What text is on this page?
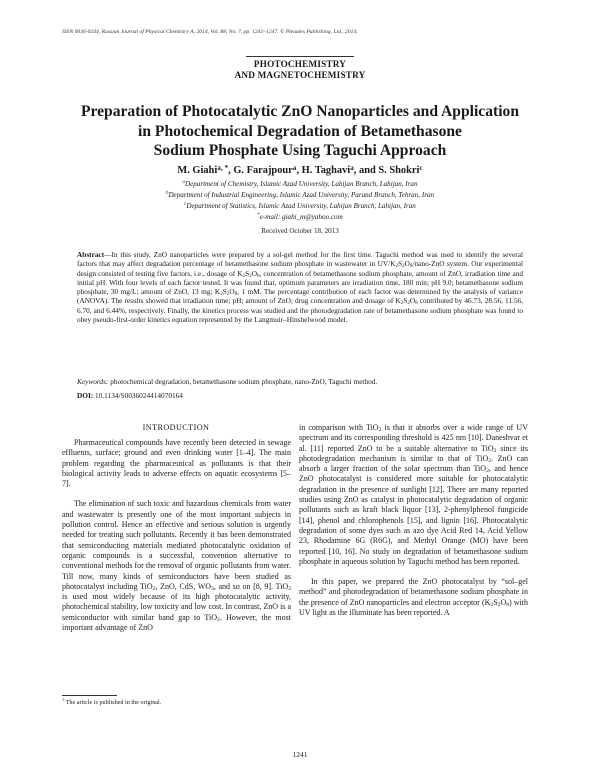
ISSN 0036-0244, Russian Journal of Physical Chemistry A, 2014, Vol. 88, No. 7, pp. 1241–1247. © Pleiades Publishing, Ltd., 2014.
PHOTOCHEMISTRY
AND MAGNETOCHEMISTRY
Preparation of Photocatalytic ZnO Nanoparticles and Application
in Photochemical Degradation of Betamethasone
Sodium Phosphate Using Taguchi Approach
M. Giahi$^{a, *}$, G. Farajpour$^a$, H. Taghavi$^a$, and S. Shokri$^c$
$^a$Department of Chemistry, Islamic Azad University, Lahijan Branch, Lahijan, Iran
$^b$Department of Industrial Engineering, Islamic Azad University, Parand Branch, Tehran, Iran
$^c$Department of Statistics, Islamic Azad University, Lahijan Branch, Lahijan, Iran
*e-mail: giahi_m@yahoo.com
Received October 18, 2013
Abstract—In this study, ZnO nanoparticles were prepared by a sol-gel method for the first time. Taguchi method was used to identify the several factors that may affect degradation percentage of betamethasone sodium phosphate in wastewater in $UV/K_2S_2O_8/nano$-ZnO system. Our experimental design consisted of testing five factors, i.e., dosage of $K_2S_2O_8$, concentration of betamethasone sodium phosphate, amount of ZnO, irradiation time and initial pH. With four levels of each factor tested. It was found that, optimum parameters are irradiation time, 180 min; pH 9.0; betamethasone sodium phosphate, 30 mg/L; amount of ZnO, 13 mg; $K_2S_2O_8$, 1 mM. The percentage contribution of each factor was determined by the analysis of variance (ANOVA). The results showed that irradiation time; pH; amount of ZnO; drug concentration and dosage of $K_2S_2O_8$ contributed by 46.73, 28.56, 11.56, 6.70, and 6.44%, respectively. Finally, the kinetics process was studied and the photodegradation rate of betamethasone sodium phosphate was found to obey pseudo-first-order kinetics equation represented by the Langmuir–Hinshelwood model.
Keywords: photochemical degradation, betamethasone sodium phosphate, nano-ZnO, Taguchi method.
DOI: 10.1134/S0036024414070164
INTRODUCTION

Pharmaceutical compounds have recently been detected in sewage effluents, surface; ground and even drinking water [1–4]. The main problem regarding the pharmaceutical as pollutants is that their biological activity leads to adverse effects on aquatic ecosystems [5–7].

The elimination of such toxic and hazardous chemicals from water and wastewater is presently one of the most important subjects in pollution control. Hence an effective and serious solution is urgently needed for treating such pollutants. Recently it has been demonstrated that semiconducting materials mediated photocatalytic oxidation of organic compounds is a successful, convention alternative to conventional methods for the removal of organic pollutants from water. Till now, many kinds of semiconductors have been studied as photocatalyst including TiO$_2$, ZnO, CdS, $WO_3$, and so on [8, 9]. TiO$_2$ is used most widely because of its high photocatalytic activity, photochemical stability, low toxicity and low cost. In contrast, ZnO is a semiconductor with similar band gap to TiO$_2$. However, the most important advantage of ZnO

in comparison with TiO$_2$ is that it absorbs over a wide range of UV spectrum and its corresponding threshold is 425 nm [10]. Daneshvar et al. [11] reported ZnO to be a suitable alternative to TiO$_2$ since its photodegradation mechanism is similar to that of TiO$_2$. ZnO can absorb a larger fraction of the solar spectrum than TiO$_2$, and hence ZnO photocatalyst is considered more suitable for photocatalytic degradation in the presence of sunlight [12]. There are many reported studies using ZnO as catalyst in photocatalytic degradation of organic pollutants such as kraft black liquor [13], 2-phenylphenol fungicide [14], phenol and chlorophenols [15], and lignin [16]. Photocatalytic degradation of some dyes such as azo dye Acid Red 14, Acid Yellow 23, Rhodamine 6G (R6G), and Methyl Orange (MO) have been reported [10, 16]. No study on degradation of betamethasone sodium phosphate in aqueous solution by Taguchi method has been reported.

In this paper, we prepared the ZnO photocatalyst by “sol–gel method” and photodegradation of betamethasone sodium phosphate in the presence of ZnO nanoparticles and electron acceptor $(K_2S_2O_8)$ with UV light as the illuminate has been reported. A

$^1$ The article is published in the original.
1241
